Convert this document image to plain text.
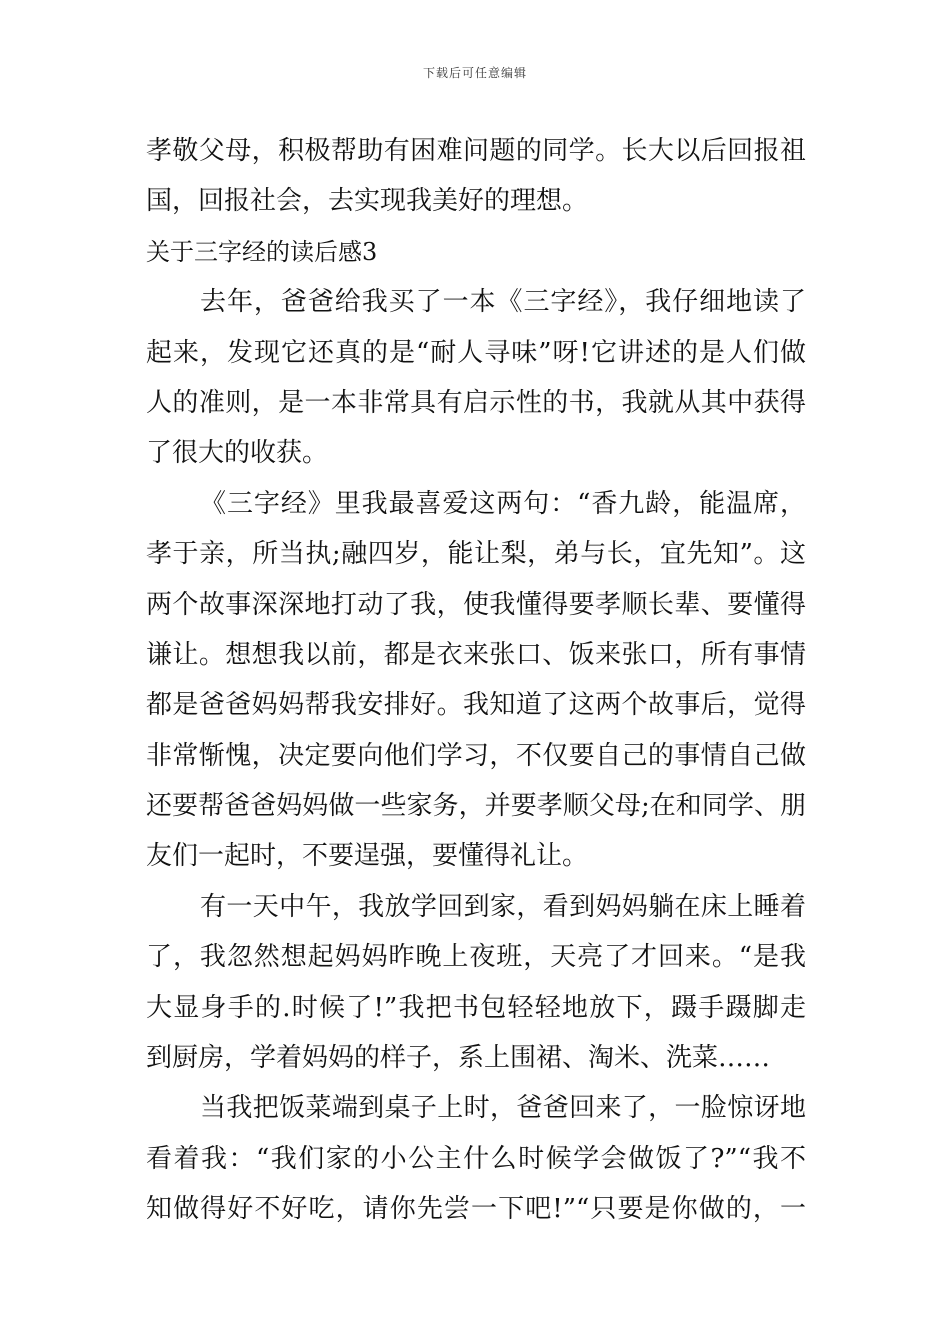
下载后可任意编辑
孝敬父母，积极帮助有困难问题的同学。长大以后回报祖
国，回报社会，去实现我美好的理想。
关于三字经的读后感3
去年，爸爸给我买了一本《三字经》，我仔细地读了
起来，发现它还真的是“耐人寻味”呀!它讲述的是人们做
人的准则，是一本非常具有启示性的书，我就从其中获得
了很大的收获。
《三字经》里我最喜爱这两句：“香九龄，能温席，
孝于亲，所当执;融四岁，能让梨，弟与长，宜先知”。这
两个故事深深地打动了我，使我懂得要孝顺长辈、要懂得
谦让。想想我以前，都是衣来张口、饭来张口，所有事情
都是爸爸妈妈帮我安排好。我知道了这两个故事后，觉得
非常惭愧，决定要向他们学习，不仅要自己的事情自己做
还要帮爸爸妈妈做一些家务，并要孝顺父母;在和同学、朋
友们一起时，不要逞强，要懂得礼让。
有一天中午，我放学回到家，看到妈妈躺在床上睡着
了，我忽然想起妈妈昨晚上夜班，天亮了才回来。“是我
大显身手的.时候了!”我把书包轻轻地放下，蹑手蹑脚走
到厨房，学着妈妈的样子，系上围裙、淘米、洗菜……
当我把饭菜端到桌子上时，爸爸回来了，一脸惊讶地
看着我：“我们家的小公主什么时候学会做饭了?”“我不
知做得好不好吃，请你先尝一下吧!”“只要是你做的，一
